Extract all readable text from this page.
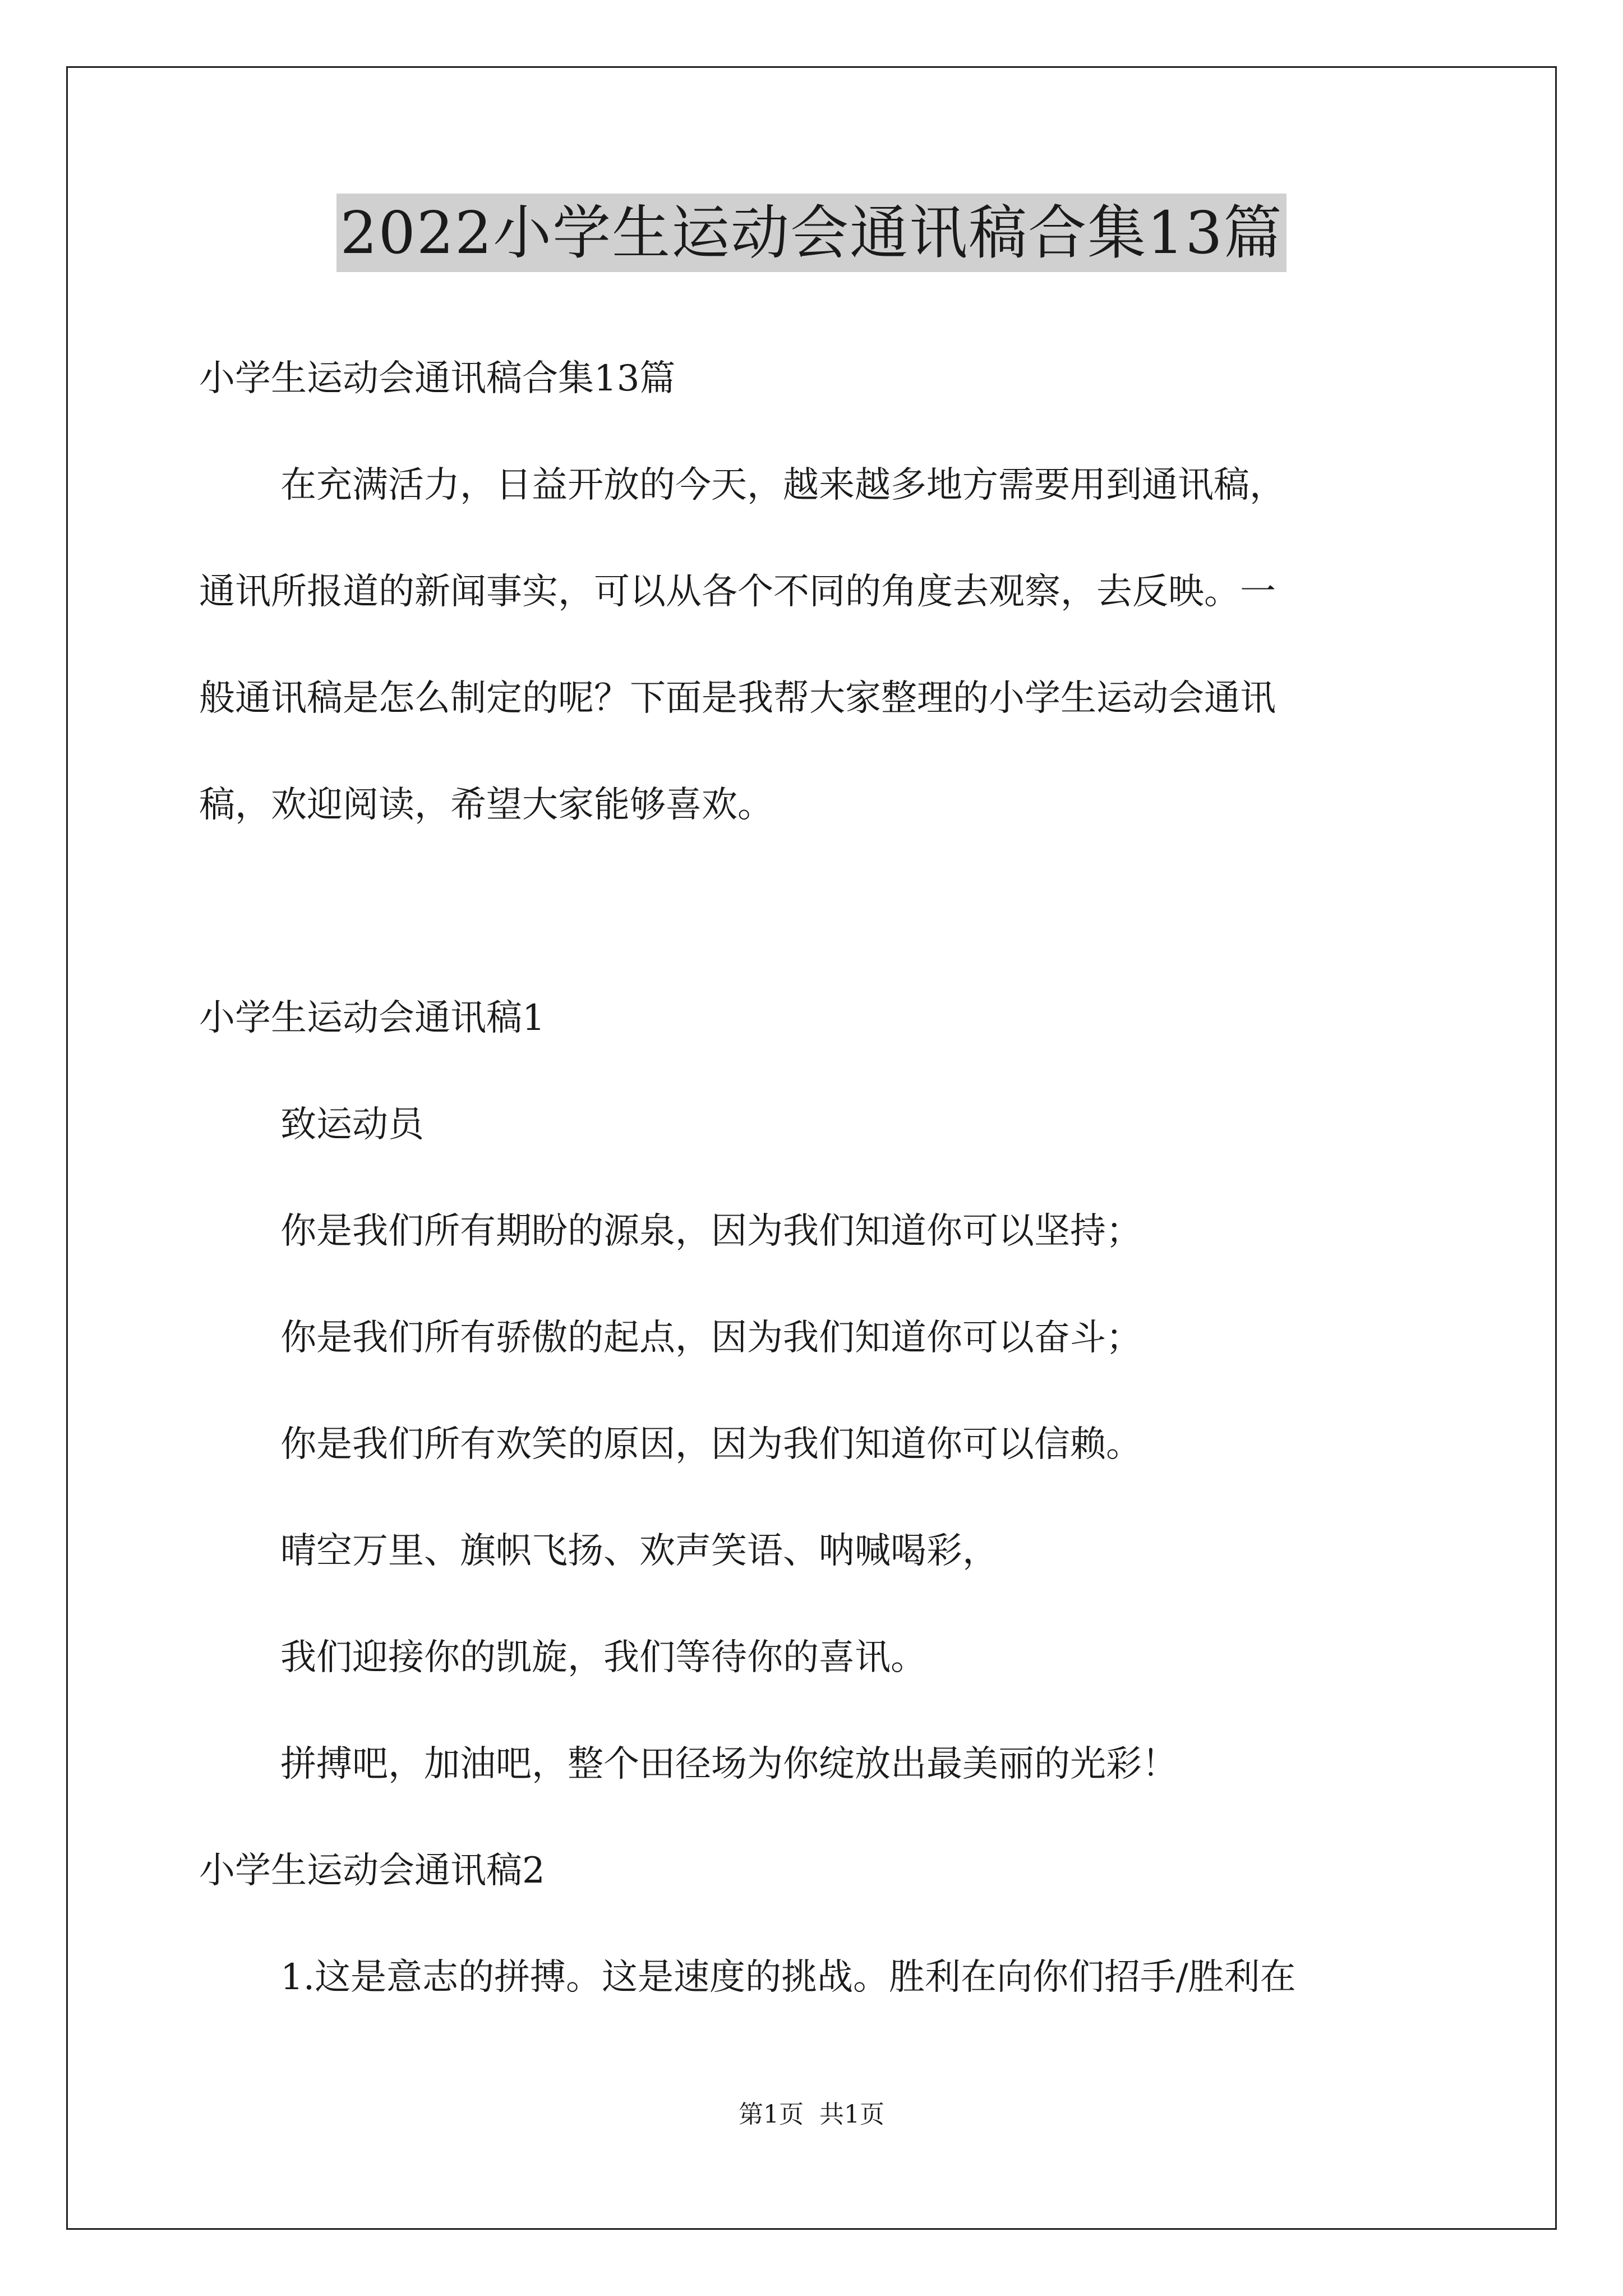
2022小学生运动会通讯稿合集13篇
小学生运动会通讯稿合集13篇
在充满活力，日益开放的今天，越来越多地方需要用到通讯稿，
通讯所报道的新闻事实，可以从各个不同的角度去观察，去反映。一
般通讯稿是怎么制定的呢？下面是我帮大家整理的小学生运动会通讯
稿，欢迎阅读，希望大家能够喜欢。
小学生运动会通讯稿1
致运动员
你是我们所有期盼的源泉，因为我们知道你可以坚持；
你是我们所有骄傲的起点，因为我们知道你可以奋斗；
你是我们所有欢笑的原因，因为我们知道你可以信赖。
晴空万里、旗帜飞扬、欢声笑语、呐喊喝彩，
我们迎接你的凯旋，我们等待你的喜讯。
拼搏吧，加油吧，整个田径场为你绽放出最美丽的光彩！
小学生运动会通讯稿2
1.这是意志的拼搏。这是速度的挑战。胜利在向你们招手/胜利在
第1页 共1页
